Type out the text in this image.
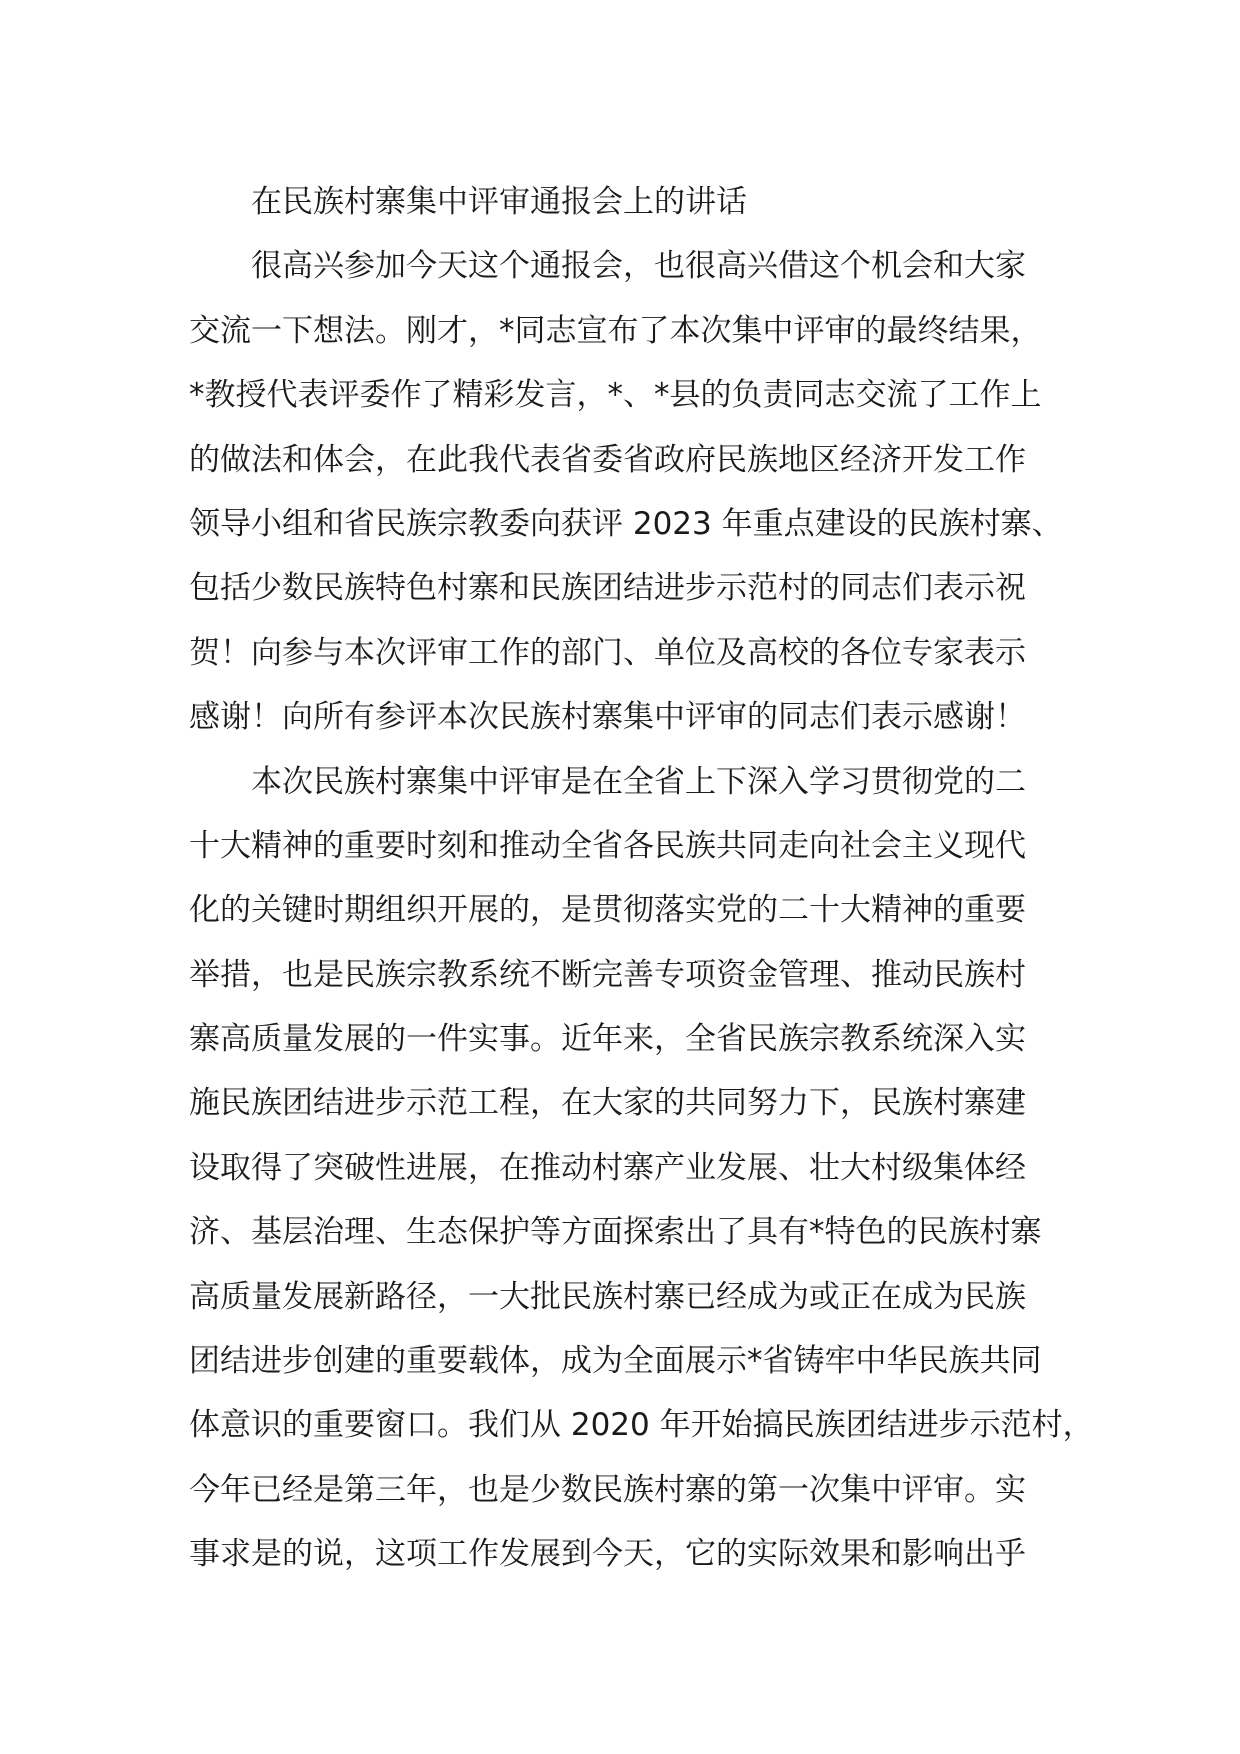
在民族村寨集中评审通报会上的讲话
很高兴参加今天这个通报会，也很高兴借这个机会和大家
交流一下想法。刚才，*同志宣布了本次集中评审的最终结果，
*教授代表评委作了精彩发言，*、*县的负责同志交流了工作上
的做法和体会，在此我代表省委省政府民族地区经济开发工作
领导小组和省民族宗教委向获评 2023 年重点建设的民族村寨、
包括少数民族特色村寨和民族团结进步示范村的同志们表示祝
贺！向参与本次评审工作的部门、单位及高校的各位专家表示
感谢！向所有参评本次民族村寨集中评审的同志们表示感谢！
本次民族村寨集中评审是在全省上下深入学习贯彻党的二
十大精神的重要时刻和推动全省各民族共同走向社会主义现代
化的关键时期组织开展的，是贯彻落实党的二十大精神的重要
举措，也是民族宗教系统不断完善专项资金管理、推动民族村
寨高质量发展的一件实事。近年来，全省民族宗教系统深入实
施民族团结进步示范工程，在大家的共同努力下，民族村寨建
设取得了突破性进展，在推动村寨产业发展、壮大村级集体经
济、基层治理、生态保护等方面探索出了具有*特色的民族村寨
高质量发展新路径，一大批民族村寨已经成为或正在成为民族
团结进步创建的重要载体，成为全面展示*省铸牢中华民族共同
体意识的重要窗口。我们从 2020 年开始搞民族团结进步示范村，
今年已经是第三年，也是少数民族村寨的第一次集中评审。实
事求是的说，这项工作发展到今天，它的实际效果和影响出乎
